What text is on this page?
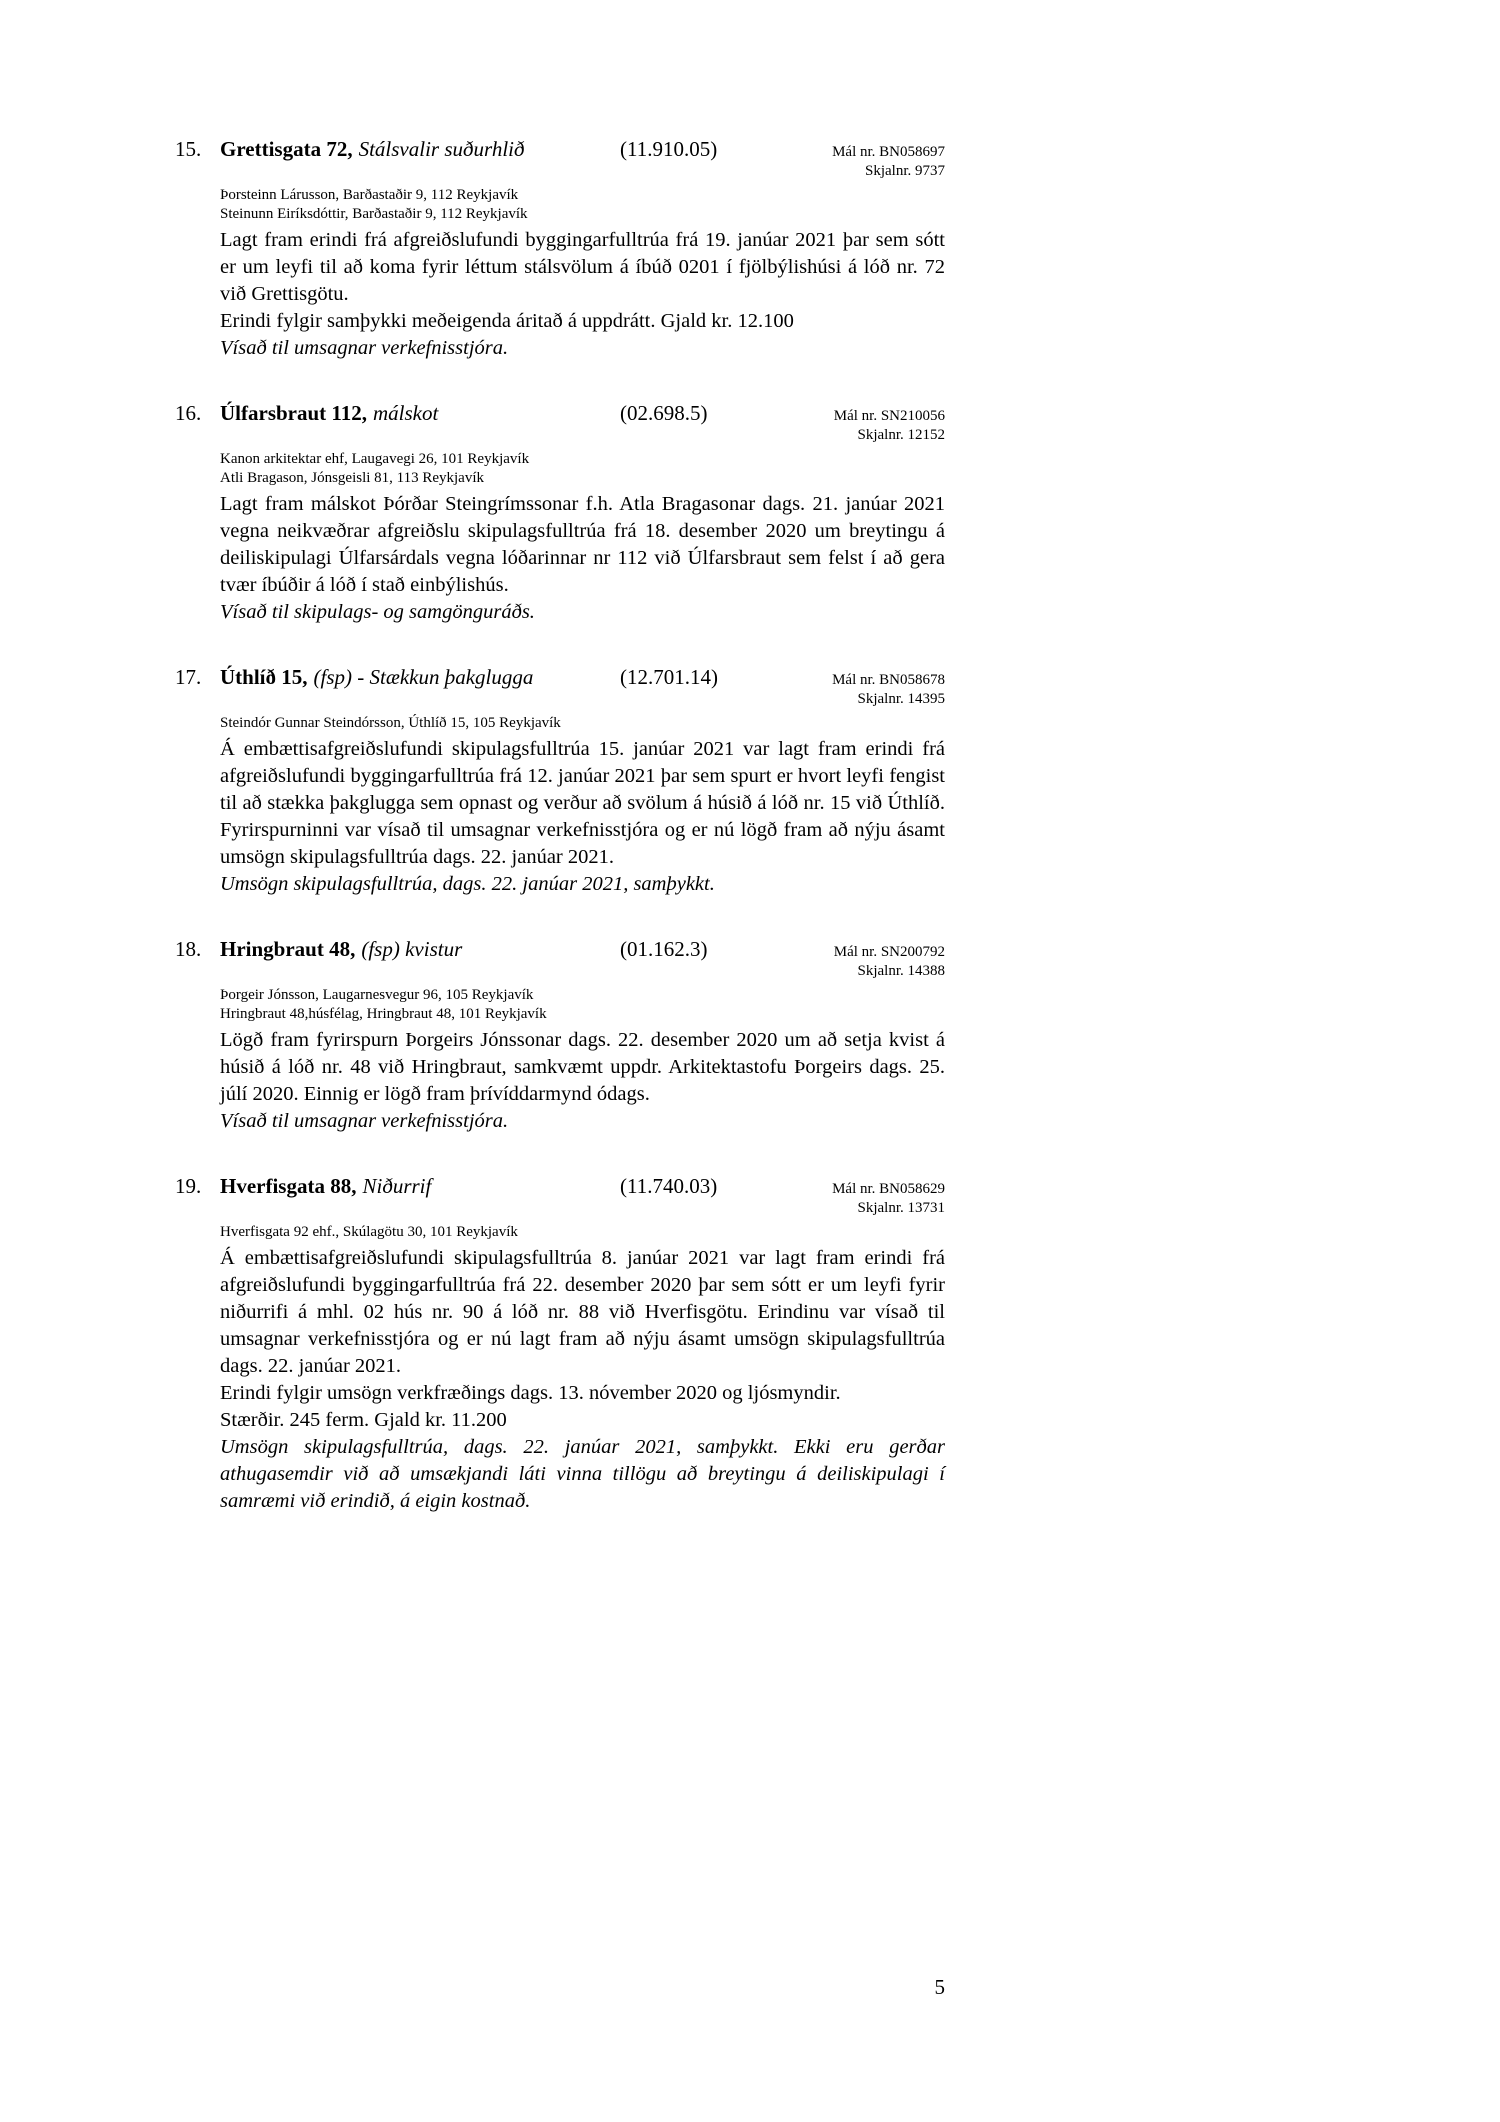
15. Grettisgata 72, Stálsvalir suðurhlið	(11.910.05)	Mál nr. BN058697
Skjalnr. 9737
Þorsteinn Lárusson, Barðastaðir 9, 112 Reykjavík
Steinunn Eiríksdóttir, Barðastaðir 9, 112 Reykjavík

Lagt fram erindi frá afgreiðslufundi byggingarfulltrúa frá 19. janúar 2021 þar sem sótt er um leyfi til að koma fyrir léttum stálsvölum á íbúð 0201 í fjölbýlishúsi á lóð nr. 72 við Grettisgötu.

Erindi fylgir samþykki meðeigenda áritað á uppdrátt. Gjald kr. 12.100

Vísað til umsagnar verkefnisstjóra.

16. Úlfarsbraut 112, málskot	(02.698.5)	Mál nr. SN210056
Skjalnr. 12152
Kanon arkitektar ehf, Laugavegi 26, 101 Reykjavík
Atli Bragason, Jónsgeisli 81, 113 Reykjavík

Lagt fram málskot Þórðar Steingrímssonar f.h. Atla Bragasonar dags. 21. janúar 2021 vegna neikvæðrar afgreiðslu skipulagsfulltrúa frá 18. desember 2020 um breytingu á deiliskipulagi Úlfarsárdals vegna lóðarinnar nr 112 við Úlfarsbraut sem felst í að gera tvær íbúðir á lóð í stað einbýlishús.

Vísað til skipulags- og samgönguráðs.

17. Úthlíð 15, (fsp) - Stækkun þakglugga	(12.701.14)	Mál nr. BN058678
Skjalnr. 14395
Steindór Gunnar Steindórsson, Úthlíð 15, 105 Reykjavík

Á embættisafgreiðslufundi skipulagsfulltrúa 15. janúar 2021 var lagt fram erindi frá afgreiðslufundi byggingarfulltrúa frá 12. janúar 2021 þar sem spurt er hvort leyfi fengist til að stækka þakglugga sem opnast og verður að svölum á húsið á lóð nr. 15 við Úthlíð. Fyrirspurninni var vísað til umsagnar verkefnisstjóra og er nú lögð fram að nýju ásamt umsögn skipulagsfulltrúa dags. 22. janúar 2021.

Umsögn skipulagsfulltrúa, dags. 22. janúar 2021, samþykkt.

18. Hringbraut 48, (fsp) kvistur	(01.162.3)	Mál nr. SN200792
Skjalnr. 14388
Þorgeir Jónsson, Laugarnesvegur 96, 105 Reykjavík
Hringbraut 48,húsfélag, Hringbraut 48, 101 Reykjavík

Lögð fram fyrirspurn Þorgeirs Jónssonar dags. 22. desember 2020 um að setja kvist á húsið á lóð nr. 48 við Hringbraut, samkvæmt uppdr. Arkitektastofu Þorgeirs dags. 25. júlí 2020. Einnig er lögð fram þrívíddarmynd ódags.

Vísað til umsagnar verkefnisstjóra.

19. Hverfisgata 88, Niðurrif	(11.740.03)	Mál nr. BN058629
Skjalnr. 13731
Hverfisgata 92 ehf., Skúlagötu 30, 101 Reykjavík

Á embættisafgreiðslufundi skipulagsfulltrúa 8. janúar 2021 var lagt fram erindi frá afgreiðslufundi byggingarfulltrúa frá 22. desember 2020 þar sem sótt er um leyfi fyrir niðurrifi á mhl. 02 hús nr. 90 á lóð nr. 88 við Hverfisgötu. Erindinu var vísað til umsagnar verkefnisstjóra og er nú lagt fram að nýju ásamt umsögn skipulagsfulltrúa dags. 22. janúar 2021.

Erindi fylgir umsögn verkfræðings dags. 13. nóvember 2020 og ljósmyndir.

Stærðir. 245 ferm. Gjald kr. 11.200

Umsögn skipulagsfulltrúa, dags. 22. janúar 2021, samþykkt. Ekki eru gerðar athugasemdir við að umsækjandi láti vinna tillögu að breytingu á deiliskipulagi í samræmi við erindið, á eigin kostnað.

5
